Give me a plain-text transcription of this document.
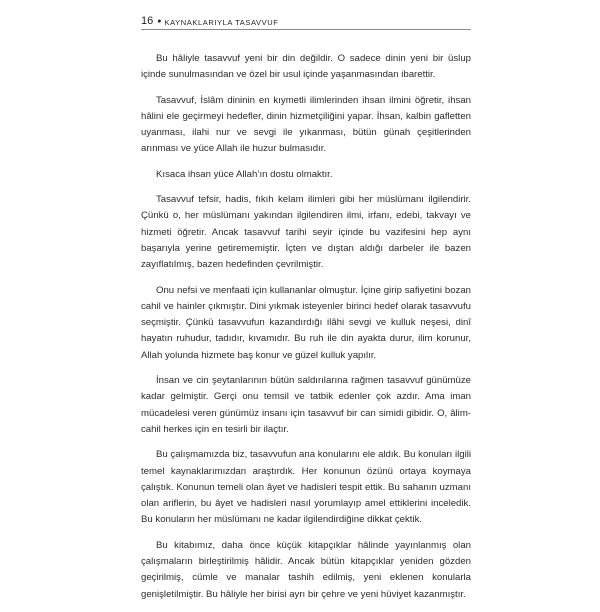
16 ● KAYNAKLARIYLA TASAVVUF

Bu hâliyle tasavvuf yeni bir din değildir. O sadece dinin yeni bir üslup içinde sunulmasından ve özel bir usul içinde yaşanmasından ibarettir.

Tasavvuf, İslâm dininin en kıymetli ilimlerinden ihsan ilmini öğretir, ihsan hâlini ele geçirmeyi hedefler, dinin hizmetçiliğini yapar. İhsan, kalbin gafletten uyanması, ilahi nur ve sevgi ile yıkanması, bütün günah çeşitlerinden arınması ve yüce Allah ile huzur bulmasıdır.

Kısaca ihsan yüce Allah’ın dostu olmaktır.

Tasavvuf tefsir, hadis, fıkıh kelam ilimleri gibi her müslümanı ilgilendirir. Çünkü o, her müslümanı yakından ilgilendiren ilmi, irfanı, edebi, takvayı ve hizmeti öğretir. Ancak tasavvuf tarihi seyir içinde bu vazifesini hep aynı başarıyla yerine getirememiştir. İçten ve dıştan aldığı darbeler ile bazen zayıflatılmış, bazen hedefinden çevrilmiştir.

Onu nefsi ve menfaati için kullananlar olmuştur. İçine girip safiyetini bozan cahil ve hainler çıkmıştır. Dini yıkmak isteyenler birinci hedef olarak tasavvufu seçmiştir. Çünkü tasavvufun kazandırdığı ilâhi sevgi ve kulluk neşesi, dinî hayatın ruhudur, tadıdır, kıvamıdır. Bu ruh ile din ayakta durur, ilim korunur, Allah yolunda hizmete baş konur ve güzel kulluk yapılır.

İnsan ve cin şeytanlarının bütün saldırılarına rağmen tasavvuf günümüze kadar gelmiştir. Gerçi onu temsil ve tatbik edenler çok azdır. Ama iman mücadelesi veren günümüz insanı için tasavvuf bir can simidi gibidir. O, âlim-cahil herkes için en tesirli bir ilaçtır.

Bu çalışmamızda biz, tasavvufun ana konularını ele aldık. Bu konuları ilgili temel kaynaklarımızdan araştırdık. Her konunun özünü ortaya koymaya çalıştık. Konunun temeli olan âyet ve hadisleri tespit ettik. Bu sahanın uzmanı olan ariflerin, bu âyet ve hadisleri nasıl yorumlayıp amel ettiklerini inceledik. Bu konuların her müslümanı ne kadar ilgilendirdiğine dikkat çektik.

Bu kitabımız, daha önce küçük kitapçıklar hâlinde yayınlanmış olan çalışmaların birleştirilmiş hâlidir. Ancak bütün kitapçıklar yeniden gözden geçirilmiş, cümle ve manalar tashih edilmiş, yeni eklenen konularla genişletilmiştir. Bu hâliyle her birisi ayrı bir çehre ve yeni hüviyet kazanmıştır.
